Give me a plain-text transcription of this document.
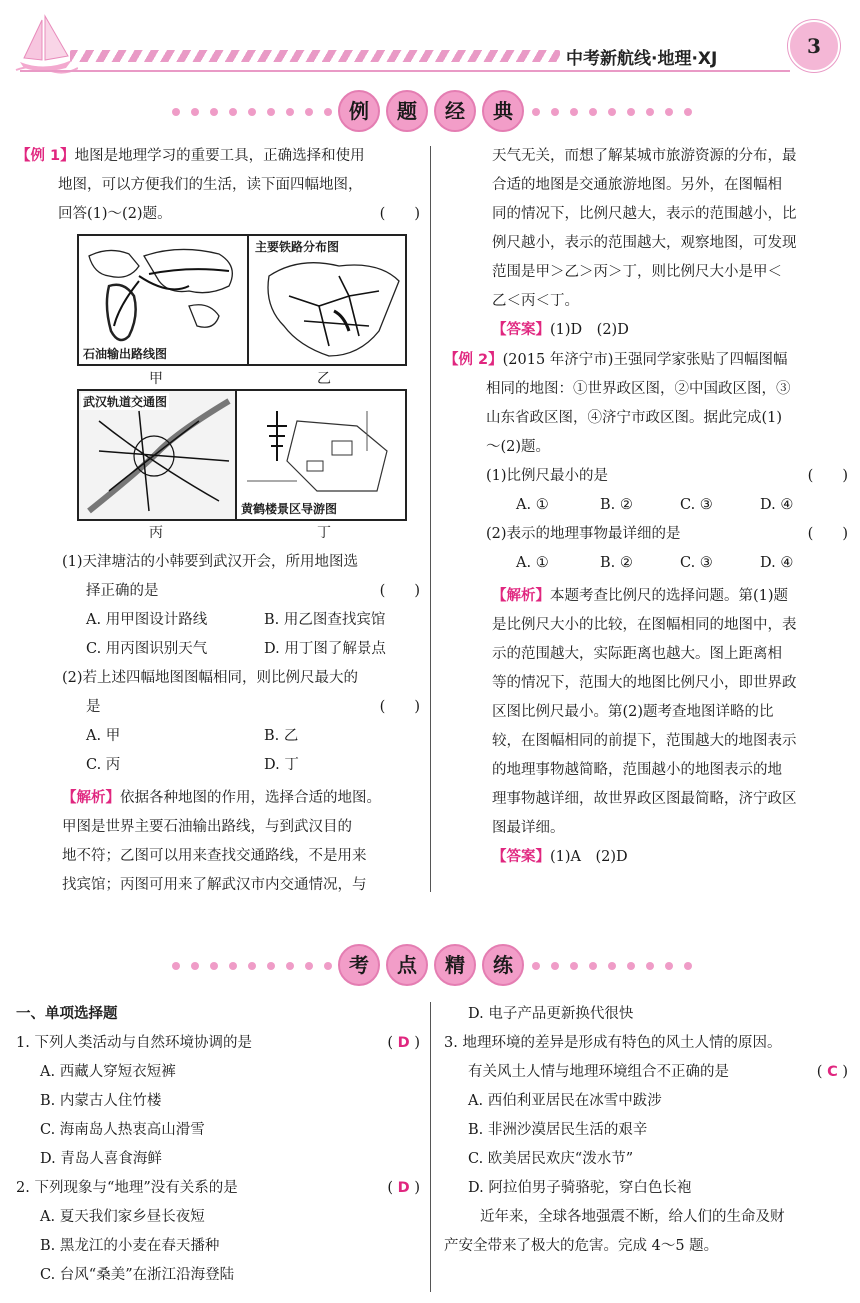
中考新航线·地理·XJ
3
例	题	经	典
【例 1】地图是地理学习的重要工具，正确选择和使用
地图，可以方便我们的生活，读下面四幅地图，
回答(1)～(2)题。	(　　)
石油输出路线图
主要铁路分布图
甲	乙
武汉轨道交通图
黄鹤楼景区导游图
丙	丁
(1)天津塘沽的小韩要到武汉开会，所用地图选
择正确的是	(　　)
A. 用甲图设计路线	B. 用乙图查找宾馆
C. 用丙图识别天气	D. 用丁图了解景点
(2)若上述四幅地图图幅相同，则比例尺最大的
是	(　　)
A. 甲	B. 乙
C. 丙	D. 丁
【解析】依据各种地图的作用，选择合适的地图。
甲图是世界主要石油输出路线，与到武汉目的
地不符；乙图可以用来查找交通路线，不是用来
找宾馆；丙图可用来了解武汉市内交通情况，与
天气无关，而想了解某城市旅游资源的分布，最
合适的地图是交通旅游地图。另外，在图幅相
同的情况下，比例尺越大，表示的范围越小，比
例尺越小，表示的范围越大，观察地图，可发现
范围是甲＞乙＞丙＞丁，则比例尺大小是甲＜
乙＜丙＜丁。
【答案】(1)D　(2)D
【例 2】(2015 年济宁市)王强同学家张贴了四幅图幅
相同的地图：①世界政区图，②中国政区图，③
山东省政区图，④济宁市政区图。据此完成(1)
～(2)题。
(1)比例尺最小的是	(　　)
A. ①	B. ②	C. ③	D. ④
(2)表示的地理事物最详细的是	(　　)
A. ①	B. ②	C. ③	D. ④
【解析】本题考查比例尺的选择问题。第(1)题
是比例尺大小的比较，在图幅相同的地图中，表
示的范围越大，实际距离也越大。图上距离相
等的情况下，范围大的地图比例尺小，即世界政
区图比例尺最小。第(2)题考查地图详略的比
较，在图幅相同的前提下，范围越大的地图表示
的地理事物越简略，范围越小的地图表示的地
理事物越详细，故世界政区图最简略，济宁政区
图最详细。
【答案】(1)A　(2)D
考	点	精	练
一、单项选择题
1. 下列人类活动与自然环境协调的是	( D )
A. 西藏人穿短衣短裤
B. 内蒙古人住竹楼
C. 海南岛人热衷高山滑雪
D. 青岛人喜食海鲜
2. 下列现象与“地理”没有关系的是	( D )
A. 夏天我们家乡昼长夜短
B. 黑龙江的小麦在春天播种
C. 台风“桑美”在浙江沿海登陆
D. 电子产品更新换代很快
3. 地理环境的差异是形成有特色的风土人情的原因。
有关风土人情与地理环境组合不正确的是	( C )
A. 西伯利亚居民在冰雪中跋涉
B. 非洲沙漠居民生活的艰辛
C. 欧美居民欢庆“泼水节”
D. 阿拉伯男子骑骆驼，穿白色长袍
近年来，全球各地强震不断，给人们的生命及财
产安全带来了极大的危害。完成 4～5 题。
